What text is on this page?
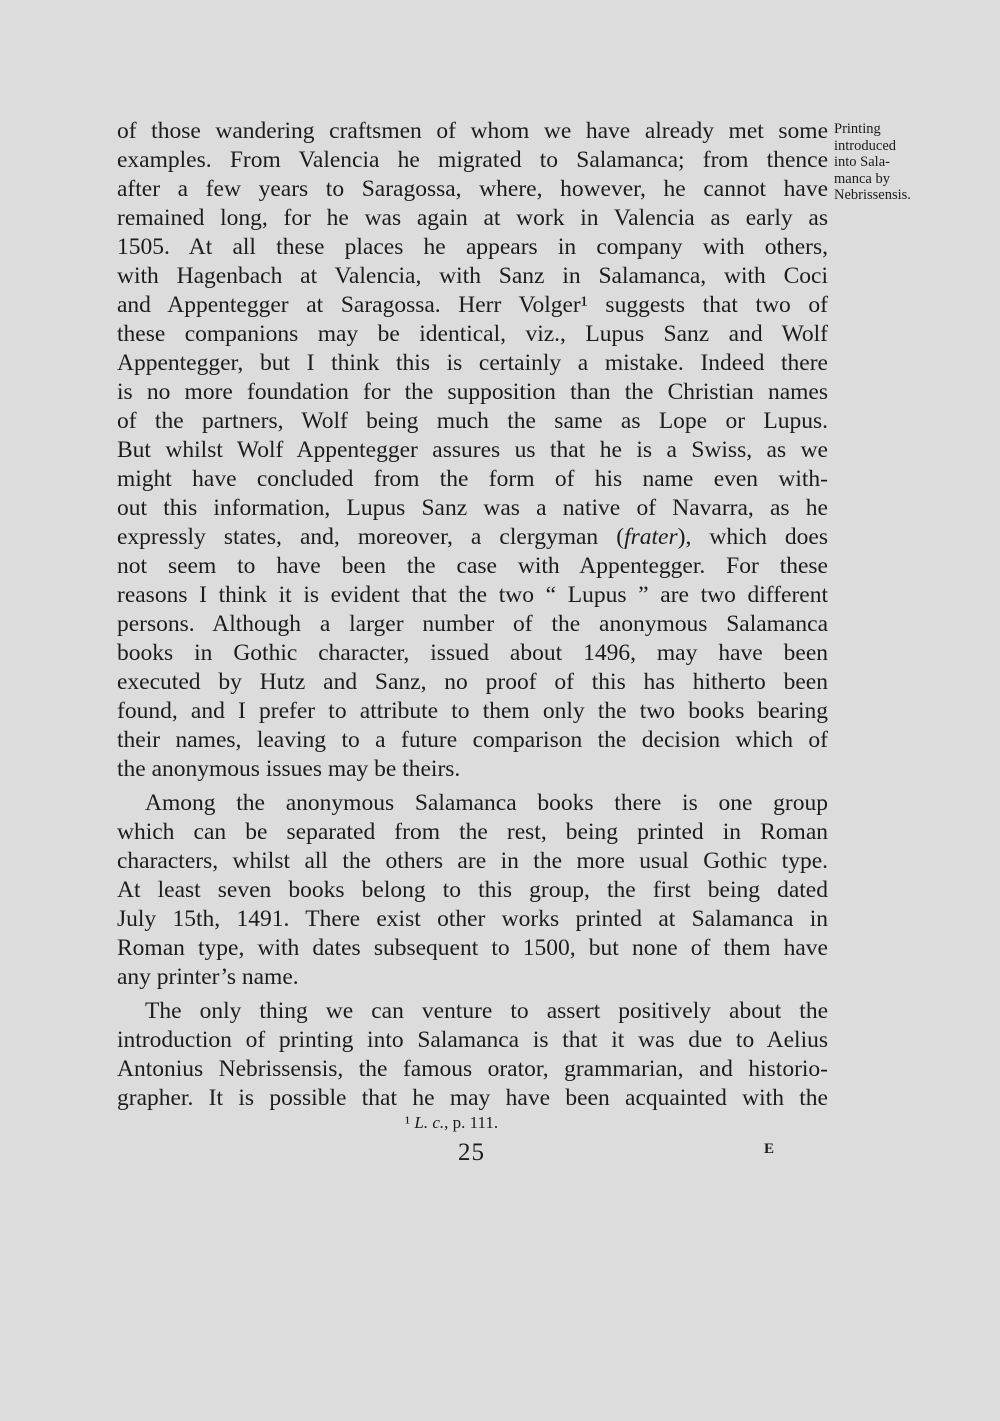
of those wandering craftsmen of whom we have already met some
examples. From Valencia he migrated to Salamanca; from thence
after a few years to Saragossa, where, however, he cannot have
remained long, for he was again at work in Valencia as early as
1505. At all these places he appears in company with others,
with Hagenbach at Valencia, with Sanz in Salamanca, with Coci
and Appentegger at Saragossa. Herr Volger¹ suggests that two of
these companions may be identical, viz., Lupus Sanz and Wolf
Appentegger, but I think this is certainly a mistake. Indeed there
is no more foundation for the supposition than the Christian names
of the partners, Wolf being much the same as Lope or Lupus.
But whilst Wolf Appentegger assures us that he is a Swiss, as we
might have concluded from the form of his name even with-
out this information, Lupus Sanz was a native of Navarra, as he
expressly states, and, moreover, a clergyman (frater), which does
not seem to have been the case with Appentegger. For these
reasons I think it is evident that the two “ Lupus ” are two different
persons. Although a larger number of the anonymous Salamanca
books in Gothic character, issued about 1496, may have been
executed by Hutz and Sanz, no proof of this has hitherto been
found, and I prefer to attribute to them only the two books bearing
their names, leaving to a future comparison the decision which of
the anonymous issues may be theirs.
Among the anonymous Salamanca books there is one group
which can be separated from the rest, being printed in Roman
characters, whilst all the others are in the more usual Gothic type.
At least seven books belong to this group, the first being dated
July 15th, 1491. There exist other works printed at Salamanca in
Roman type, with dates subsequent to 1500, but none of them have
any printer’s name.
The only thing we can venture to assert positively about the
introduction of printing into Salamanca is that it was due to Aelius
Antonius Nebrissensis, the famous orator, grammarian, and historio-
grapher. It is possible that he may have been acquainted with the
Printing
introduced
into Sala-
manca by
Nebrissensis.
¹ L. c., p. 111.
25	E
